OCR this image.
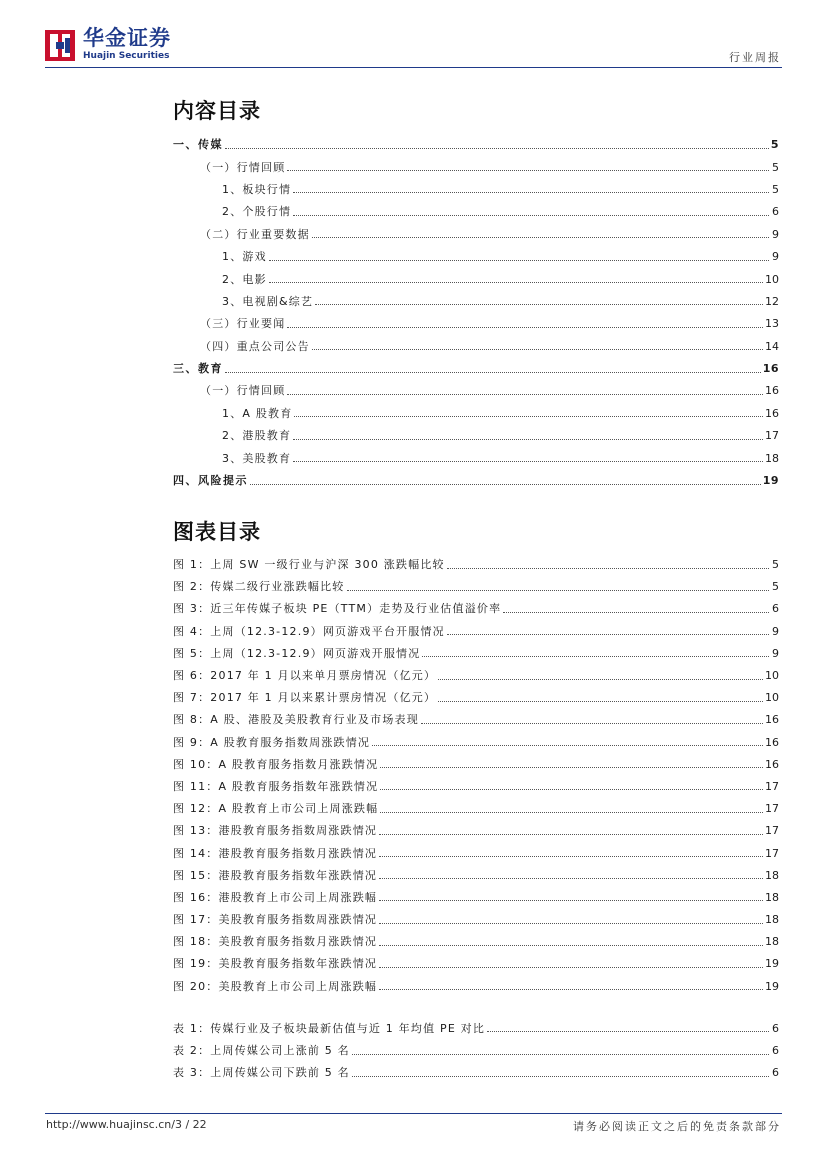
华金证券
Huajin Securities	行业周报
内容目录
一、传媒	5
（一）行情回顾	5
1、板块行情	5
2、个股行情	6
（二）行业重要数据	9
1、游戏	9
2、电影	10
3、电视剧&综艺	12
（三）行业要闻	13
（四）重点公司公告	14
三、教育	16
（一）行情回顾	16
1、A 股教育	16
2、港股教育	17
3、美股教育	18
四、风险提示	19
图表目录
图 1：上周 SW 一级行业与沪深 300 涨跌幅比较	5
图 2：传媒二级行业涨跌幅比较	5
图 3：近三年传媒子板块 PE（TTM）走势及行业估值溢价率	6
图 4：上周（12.3-12.9）网页游戏平台开服情况	9
图 5：上周（12.3-12.9）网页游戏开服情况	9
图 6：2017 年 1 月以来单月票房情况（亿元）	10
图 7：2017 年 1 月以来累计票房情况（亿元）	10
图 8：A 股、港股及美股教育行业及市场表现	16
图 9：A 股教育服务指数周涨跌情况	16
图 10：A 股教育服务指数月涨跌情况	16
图 11：A 股教育服务指数年涨跌情况	17
图 12：A 股教育上市公司上周涨跌幅	17
图 13：港股教育服务指数周涨跌情况	17
图 14：港股教育服务指数月涨跌情况	17
图 15：港股教育服务指数年涨跌情况	18
图 16：港股教育上市公司上周涨跌幅	18
图 17：美股教育服务指数周涨跌情况	18
图 18：美股教育服务指数月涨跌情况	18
图 19：美股教育服务指数年涨跌情况	19
图 20：美股教育上市公司上周涨跌幅	19
表 1：传媒行业及子板块最新估值与近 1 年均值 PE 对比	6
表 2：上周传媒公司上涨前 5 名	6
表 3：上周传媒公司下跌前 5 名	6
http://www.huajinsc.cn/3 / 22	请务必阅读正文之后的免责条款部分
